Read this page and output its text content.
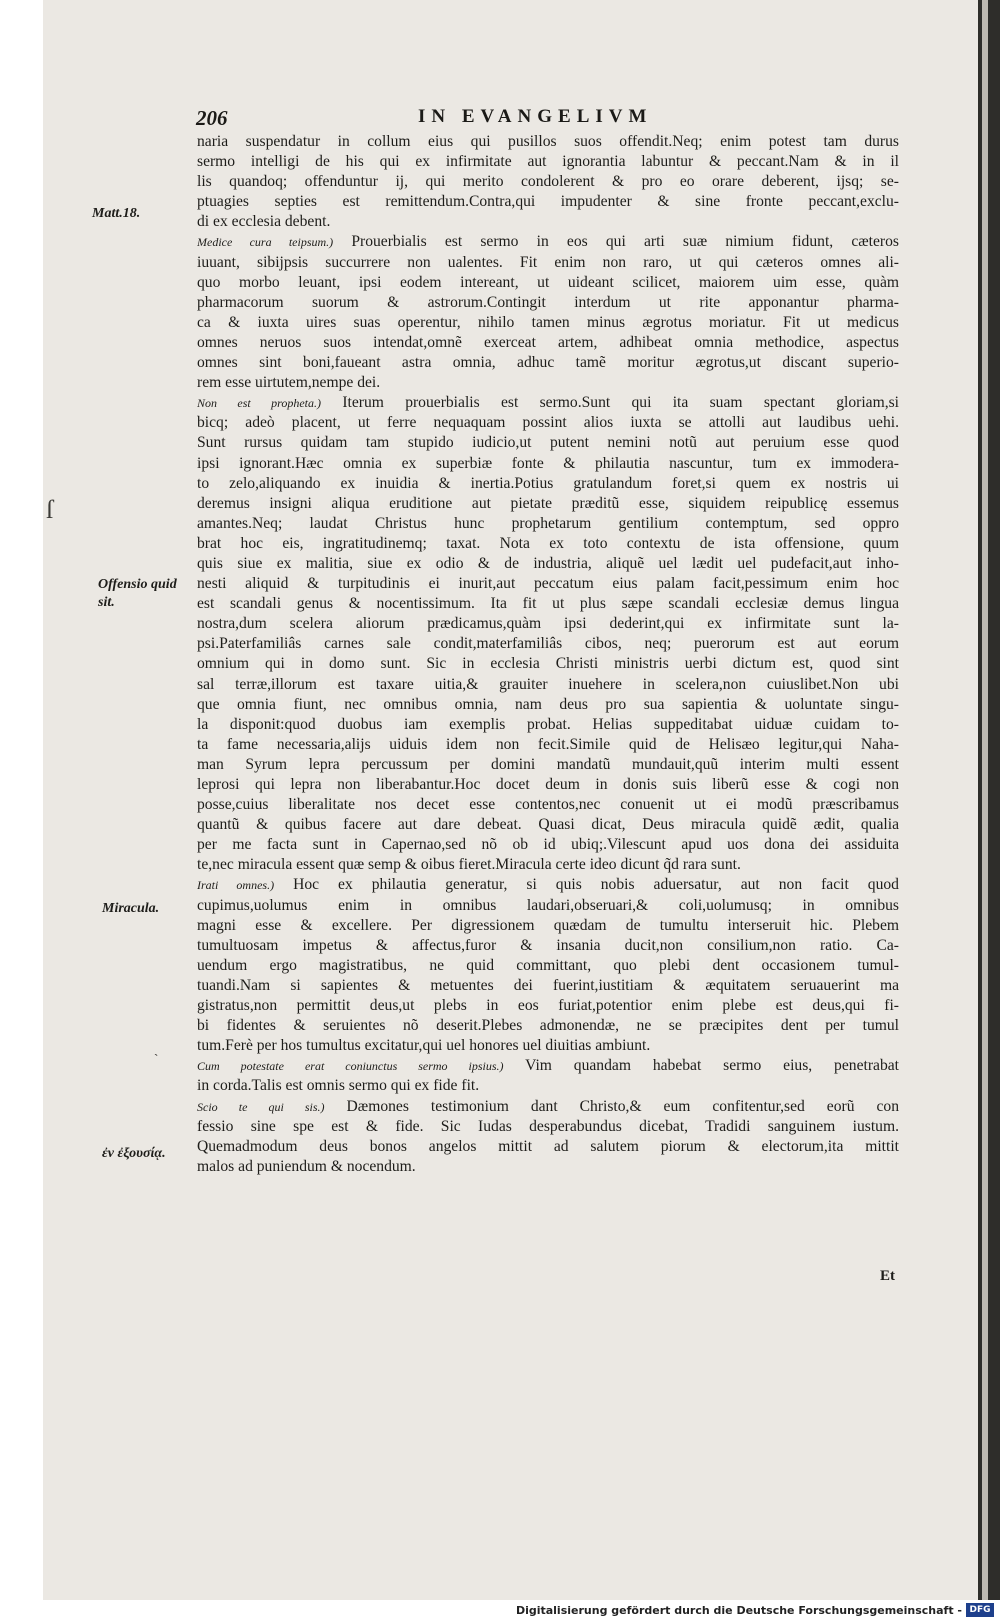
206	IN EVANGELIVM
Matt.18.
Offensio quid sit.
Miracula.
ἐν ἐξουσίᾳ.
ſ
˴
naria suspendatur in collum eius qui pusillos suos offendit.Neq; enim potest tam durus
sermo intelligi de his qui ex infirmitate aut ignorantia labuntur & peccant.Nam & in il
lis quandoq; offenduntur ij, qui merito condolerent & pro eo orare deberent, ijsq; se-
ptuagies septies est remittendum.Contra,qui impudenter & sine fronte peccant,exclu-
di ex ecclesia debent.
Medice cura teipsum.) Prouerbialis est sermo in eos qui arti suæ nimium fidunt, cæteros
iuuant, sibijpsis succurrere non ualentes. Fit enim non raro, ut qui cæteros omnes ali-
quo morbo leuant, ipsi eodem intereant, ut uideant scilicet, maiorem uim esse, quàm
pharmacorum suorum & astrorum.Contingit interdum ut rite apponantur pharma-
ca & iuxta uires suas operentur, nihilo tamen minus ægrotus moriatur. Fit ut medicus
omnes neruos suos intendat,omnẽ exerceat artem, adhibeat omnia methodice, aspectus
omnes sint boni,faueant astra omnia, adhuc tamẽ moritur ægrotus,ut discant superio-
rem esse uirtutem,nempe dei.
Non est propheta.) Iterum prouerbialis est sermo.Sunt qui ita suam spectant gloriam,si
bicq; adeò placent, ut ferre nequaquam possint alios iuxta se attolli aut laudibus uehi.
Sunt rursus quidam tam stupido iudicio,ut putent nemini notũ aut peruium esse quod
ipsi ignorant.Hæc omnia ex superbiæ fonte & philautia nascuntur, tum ex immodera-
to zelo,aliquando ex inuidia & inertia.Potius gratulandum foret,si quem ex nostris ui
deremus insigni aliqua eruditione aut pietate præditũ esse, siquidem reipublicę essemus
amantes.Neq; laudat Christus hunc prophetarum gentilium contemptum, sed oppro
brat hoc eis, ingratitudinemq; taxat. Nota ex toto contextu de ista offensione, quum
quis siue ex malitia, siue ex odio & de industria, aliquẽ uel lædit uel pudefacit,aut inho-
nesti aliquid & turpitudinis ei inurit,aut peccatum eius palam facit,pessimum enim hoc
est scandali genus & nocentissimum. Ita fit ut plus sæpe scandali ecclesiæ demus lingua
nostra,dum scelera aliorum prædicamus,quàm ipsi dederint,qui ex infirmitate sunt la-
psi.Paterfamiliâs carnes sale condit,materfamiliâs cibos, neq; puerorum est aut eorum
omnium qui in domo sunt. Sic in ecclesia Christi ministris uerbi dictum est, quod sint
sal terræ,illorum est taxare uitia,& grauiter inuehere in scelera,non cuiuslibet.Non ubi
que omnia fiunt, nec omnibus omnia, nam deus pro sua sapientia & uoluntate singu-
la disponit:quod duobus iam exemplis probat. Helias suppeditabat uiduæ cuidam to-
ta fame necessaria,alijs uiduis idem non fecit.Simile quid de Helisæo legitur,qui Naha-
man Syrum lepra percussum per domini mandatũ mundauit,quũ interim multi essent
leprosi qui lepra non liberabantur.Hoc docet deum in donis suis liberũ esse & cogi non
posse,cuius liberalitate nos decet esse contentos,nec conuenit ut ei modũ præscribamus
quantũ & quibus facere aut dare debeat. Quasi dicat, Deus miracula quidẽ ædit, qualia
per me facta sunt in Capernao,sed nõ ob id ubiq;.Vilescunt apud uos dona dei assiduita
te,nec miracula essent quæ semp & oibus fieret.Miracula certe ideo dicunt q̃d rara sunt.
Irati omnes.) Hoc ex philautia generatur, si quis nobis aduersatur, aut non facit quod
cupimus,uolumus enim in omnibus laudari,obseruari,& coli,uolumusq; in omnibus
magni esse & excellere. Per digressionem quædam de tumultu interseruit hic. Plebem
tumultuosam impetus & affectus,furor & insania ducit,non consilium,non ratio. Ca-
uendum ergo magistratibus, ne quid committant, quo plebi dent occasionem tumul-
tuandi.Nam si sapientes & metuentes dei fuerint,iustitiam & æquitatem seruauerint ma
gistratus,non permittit deus,ut plebs in eos furiat,potentior enim plebe est deus,qui fi-
bi fidentes & seruientes nõ deserit.Plebes admonendæ, ne se præcipites dent per tumul
tum.Ferè per hos tumultus excitatur,qui uel honores uel diuitias ambiunt.
Cum potestate erat coniunctus sermo ipsius.) Vim quandam habebat sermo eius, penetrabat
in corda.Talis est omnis sermo qui ex fide fit.
Scio te qui sis.) Dæmones testimonium dant Christo,& eum confitentur,sed eorũ con
fessio sine spe est & fide. Sic Iudas desperabundus dicebat, Tradidi sanguinem iustum.
Quemadmodum deus bonos angelos mittit ad salutem piorum & electorum,ita mittit
malos ad puniendum & nocendum.
Et
Digitalisierung gefördert durch die Deutsche Forschungsgemeinschaft - DFG
